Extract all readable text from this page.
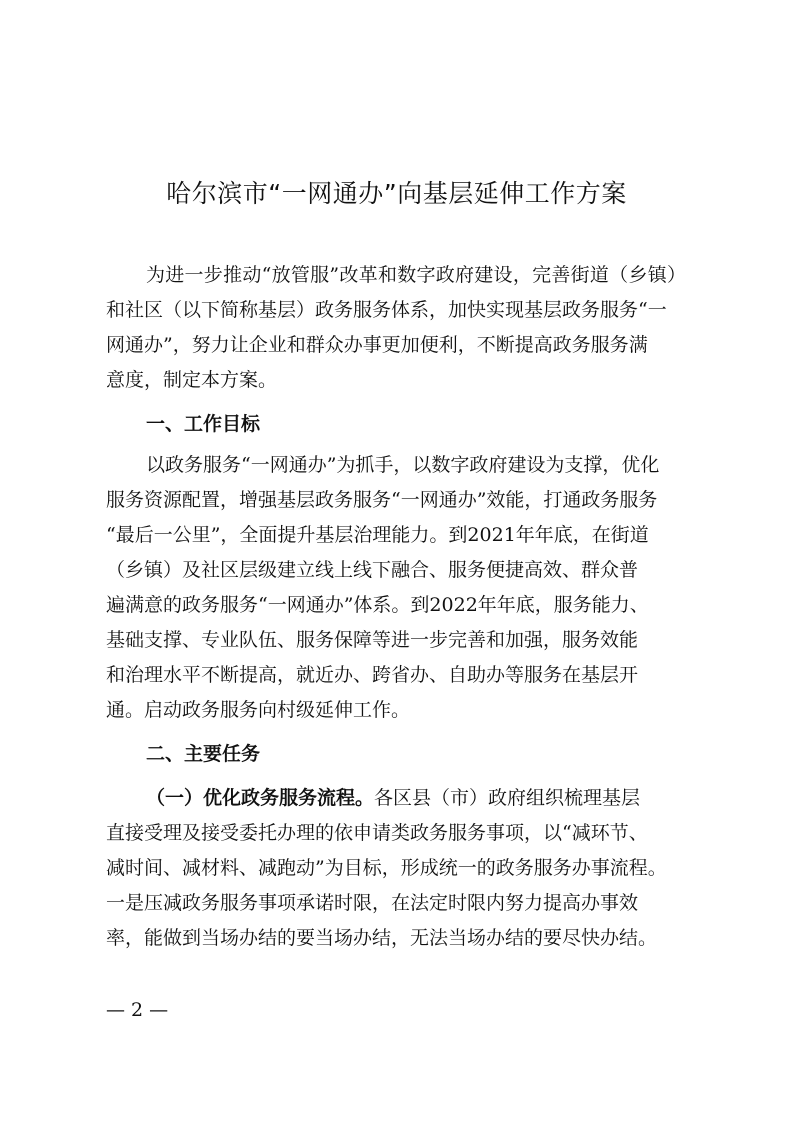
哈尔滨市“一网通办”向基层延伸工作方案
为进一步推动“放管服”改革和数字政府建设，完善街道（乡镇）
和社区（以下简称基层）政务服务体系，加快实现基层政务服务“一
网通办”，努力让企业和群众办事更加便利，不断提高政务服务满
意度，制定本方案。
一、工作目标
以政务服务“一网通办”为抓手，以数字政府建设为支撑，优化
服务资源配置，增强基层政务服务“一网通办”效能，打通政务服务
“最后一公里”，全面提升基层治理能力。到2021年年底，在街道
（乡镇）及社区层级建立线上线下融合、服务便捷高效、群众普
遍满意的政务服务“一网通办”体系。到2022年年底，服务能力、
基础支撑、专业队伍、服务保障等进一步完善和加强，服务效能
和治理水平不断提高，就近办、跨省办、自助办等服务在基层开
通。启动政务服务向村级延伸工作。
二、主要任务
（一）优化政务服务流程。各区县（市）政府组织梳理基层
直接受理及接受委托办理的依申请类政务服务事项，以“减环节、
减时间、减材料、减跑动”为目标，形成统一的政务服务办事流程。
一是压减政务服务事项承诺时限，在法定时限内努力提高办事效
率，能做到当场办结的要当场办结，无法当场办结的要尽快办结。
— 2 —
